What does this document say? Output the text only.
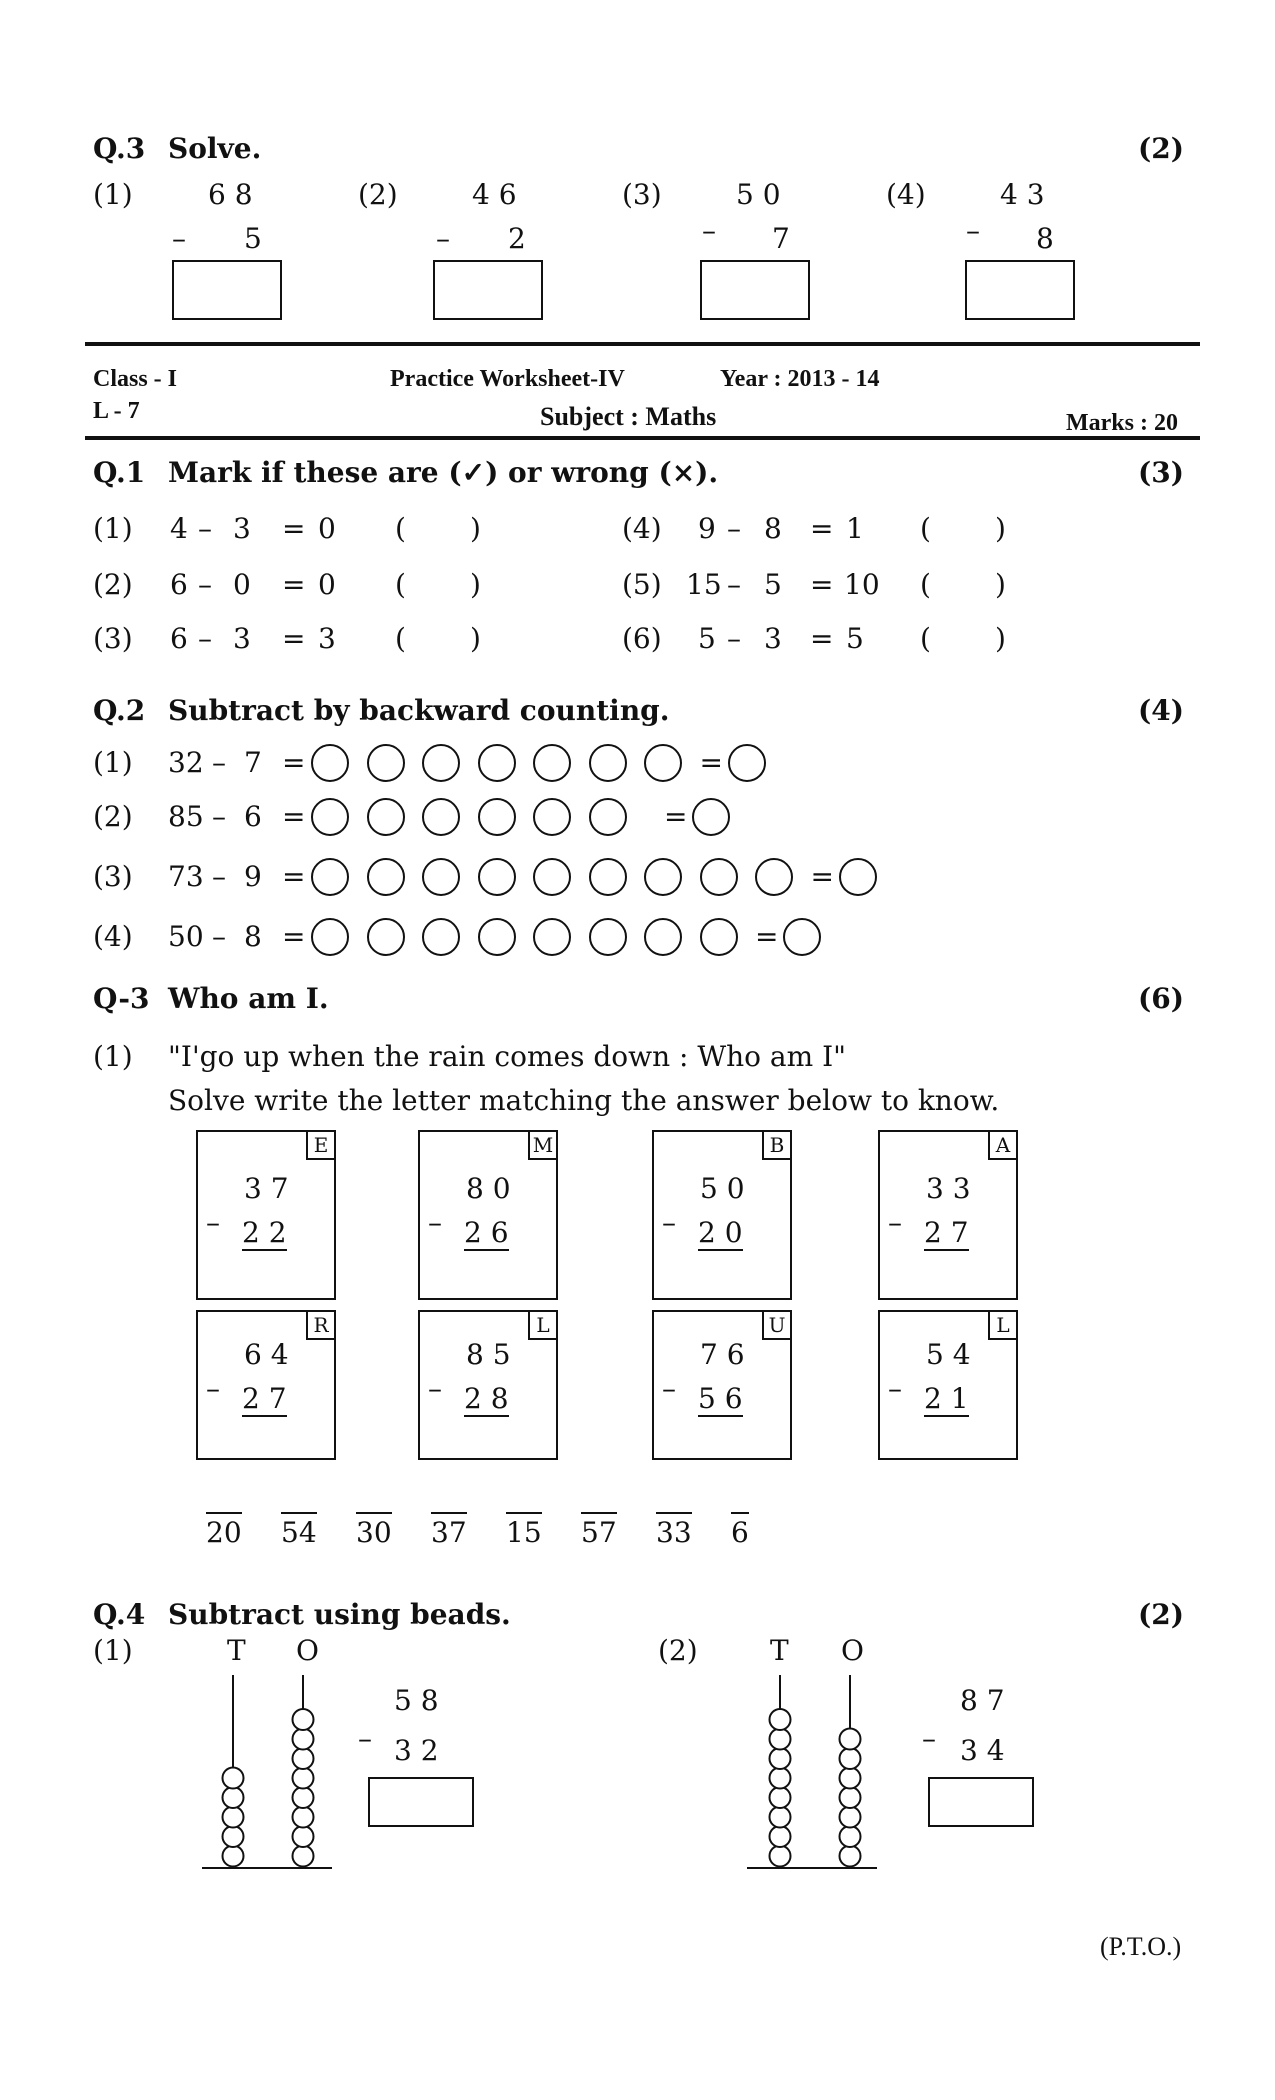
Q.3 Solve.	(2)
(1)	6 8
– 5
(2)	4 6
– 2
(3)	5 0
– 7
(4)	4 3
– 8
Class - I	Practice Worksheet-IV	Year : 2013 - 14
L - 7	Subject : Maths	Marks : 20
Q.1 Mark if these are (✓) or wrong (×).	(3)
(1) 4 – 3 = 0 ( )
(2) 6 – 0 = 0 ( )
(3) 6 – 3 = 3 ( )
(4) 9 – 8 = 1 ( )
(5) 15 – 5 = 10 ( )
(6) 5 – 3 = 5 ( )
Q.2 Subtract by backward counting.	(4)
(1) 32 – 7 =	=
(2) 85 – 6 =	=
(3) 73 – 9 =	=
(4) 50 – 8 =	=
Q-3 Who am I.	(6)
(1) "I'go up when the rain comes down : Who am I"
Solve write the letter matching the answer below to know.
E
3 7
– 2 2
M
8 0
– 2 6
B
5 0
– 2 0
A
3 3
– 2 7
R
6 4
– 2 7
L
8 5
– 2 8
U
7 6
– 5 6
L
5 4
– 2 1
20 54 30 37 15 57 33 6
Q.4 Subtract using beads.	(2)
(1)	T O
5 8
– 3 2
(2)	T O
8 7
– 3 4
(P.T.O.)
